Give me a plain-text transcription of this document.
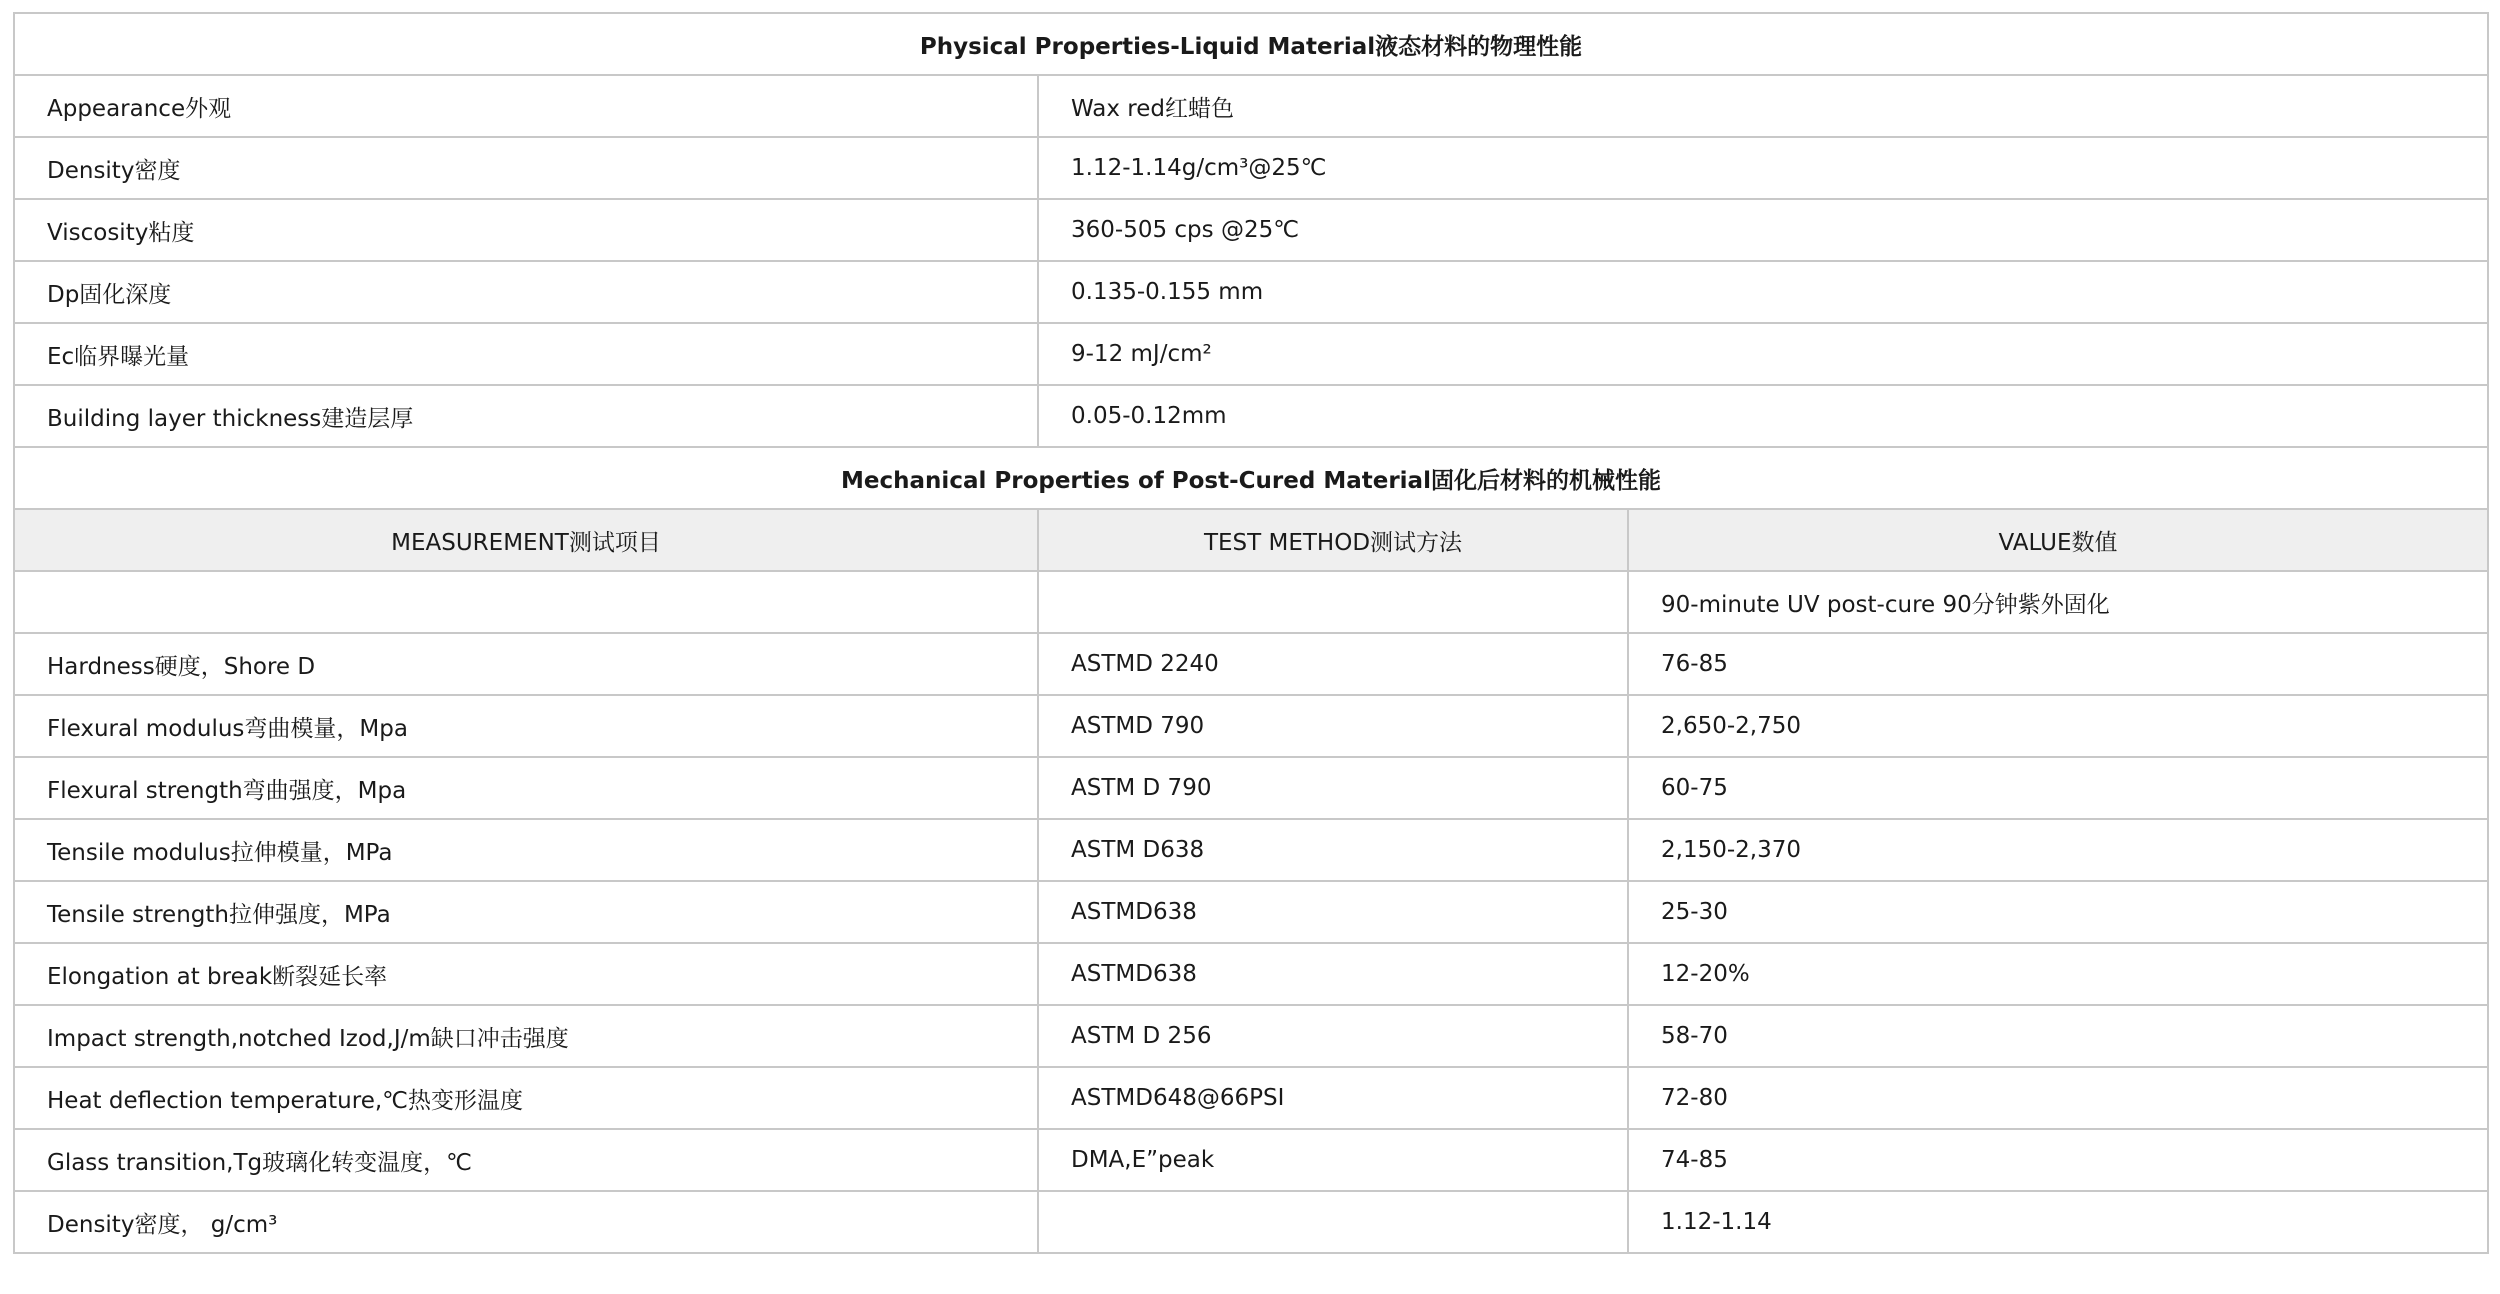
Physical Properties-Liquid Material液态材料的物理性能		
Appearance外观	Wax red红蜡色	
Density密度	1.12-1.14g/cm³@25℃	
Viscosity粘度	360-505 cps @25℃	
Dp固化深度	0.135-0.155 mm	
Ec临界曝光量	9-12 mJ/cm²	
Building layer thickness建造层厚	0.05-0.12mm	
Mechanical Properties of Post-Cured Material固化后材料的机械性能		
MEASUREMENT测试项目	TEST METHOD测试方法	VALUE数值
		90-minute UV post-cure 90分钟紫外固化
Hardness硬度，Shore D	ASTMD 2240	76-85
Flexural modulus弯曲模量，Mpa	ASTMD 790	2,650-2,750
Flexural strength弯曲强度，Mpa	ASTM D 790	60-75
Tensile modulus拉伸模量，MPa	ASTM D638	2,150-2,370
Tensile strength拉伸强度，MPa	ASTMD638	25-30
Elongation at break断裂延长率	ASTMD638	12-20%
Impact strength,notched Izod,J/m缺口冲击强度	ASTM D 256	58-70
Heat deflection temperature,℃热变形温度	ASTMD648@66PSI	72-80
Glass transition,Tg玻璃化转变温度，℃	DMA,E”peak	74-85
Density密度， g/cm³		1.12-1.14
